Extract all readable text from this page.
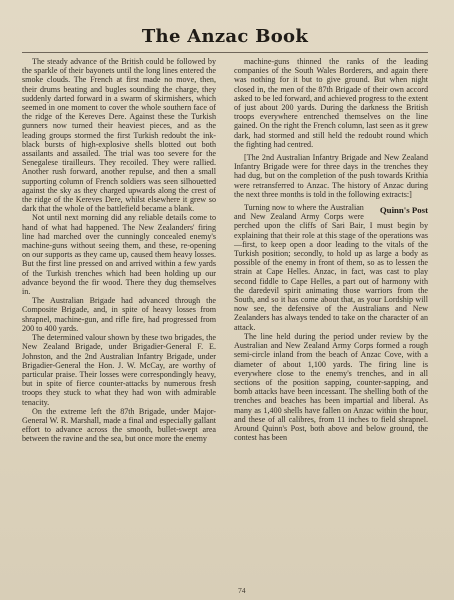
The Anzac Book

The steady advance of the British could be followed by the sparkle of their bayonets until the long lines entered the smoke clouds. The French at first made no move, then, their drums beating and bugles sounding the charge, they suddenly darted forward in a swarm of skirmishers, which seemed in one moment to cover the whole southern face of the ridge of the Kereves Dere. Against these the Turkish gunners now turned their heaviest pieces, and as the leading groups stormed the first Turkish redoubt the ink-black bursts of high-explosive shells blotted out both assailants and assailed. The trial was too severe for the Senegalese tirailleurs. They recoiled. They were rallied. Another rush forward, another repulse, and then a small supporting column of French soldiers was seen silhouetted against the sky as they charged upwards along the crest of the ridge of the Kereves Dere, whilst elsewhere it grew so dark that the whole of the battlefield became a blank.

Not until next morning did any reliable details come to hand of what had happened. The New Zealanders' firing line had marched over the cunningly concealed enemy's machine-guns without seeing them, and these, re-opening on our supports as they came up, caused them heavy losses. But the first line pressed on and arrived within a few yards of the Turkish trenches which had been holding up our advance beyond the fir wood. There they dug themselves in.

The Australian Brigade had advanced through the Composite Brigade, and, in spite of heavy losses from shrapnel, machine-gun, and rifle fire, had progressed from 200 to 400 yards.

The determined valour shown by these two brigades, the New Zealand Brigade, under Brigadier-General F. E. Johnston, and the 2nd Australian Infantry Brigade, under Brigadier-General the Hon. J. W. McCay, are worthy of particular praise. Their losses were correspondingly heavy, but in spite of fierce counter-attacks by numerous fresh troops they stuck to what they had won with admirable tenacity.

On the extreme left the 87th Brigade, under Major-General W. R. Marshall, made a final and especially gallant effort to advance across the smooth, bullet-swept area between the ravine and the sea, but once more the enemy

machine-guns thinned the ranks of the leading companies of the South Wales Borderers, and again there was nothing for it but to give ground. But when night closed in, the men of the 87th Brigade of their own accord asked to be led forward, and achieved progress to the extent of just about 200 yards. During the darkness the British troops everywhere entrenched themselves on the line gained. On the right the French column, last seen as it grew dark, had stormed and still held the redoubt round which the fighting had centred.

[The 2nd Australian Infantry Brigade and New Zealand Infantry Brigade were for three days in the trenches they had dug, but on the completion of the push towards Krithia were retransferred to Anzac. The history of Anzac during the next three months is told in the following extracts:]

Quinn's Post
Turning now to where the Australian and New Zealand Army Corps were perched upon the cliffs of Sari Bair, I must begin by explaining that their role at this stage of the operations was—first, to keep open a door leading to the vitals of the Turkish position; secondly, to hold up as large a body as possible of the enemy in front of them, so as to lessen the strain at Cape Helles. Anzac, in fact, was cast to play second fiddle to Cape Helles, a part out of harmony with the daredevil spirit animating those warriors from the South, and so it has come about that, as your Lordship will now see, the defensive of the Australians and New Zealanders has always tended to take on the character of an attack.

The line held during the period under review by the Australian and New Zealand Army Corps formed a rough semi-circle inland from the beach of Anzac Cove, with a diameter of about 1,100 yards. The firing line is everywhere close to the enemy's trenches, and in all sections of the position sapping, counter-sapping, and bomb attacks have been incessant. The shelling both of the trenches and beaches has been impartial and liberal. As many as 1,400 shells have fallen on Anzac within the hour, and these of all calibres, from 11 inches to field shrapnel. Around Quinn's Post, both above and below ground, the contest has been

74
